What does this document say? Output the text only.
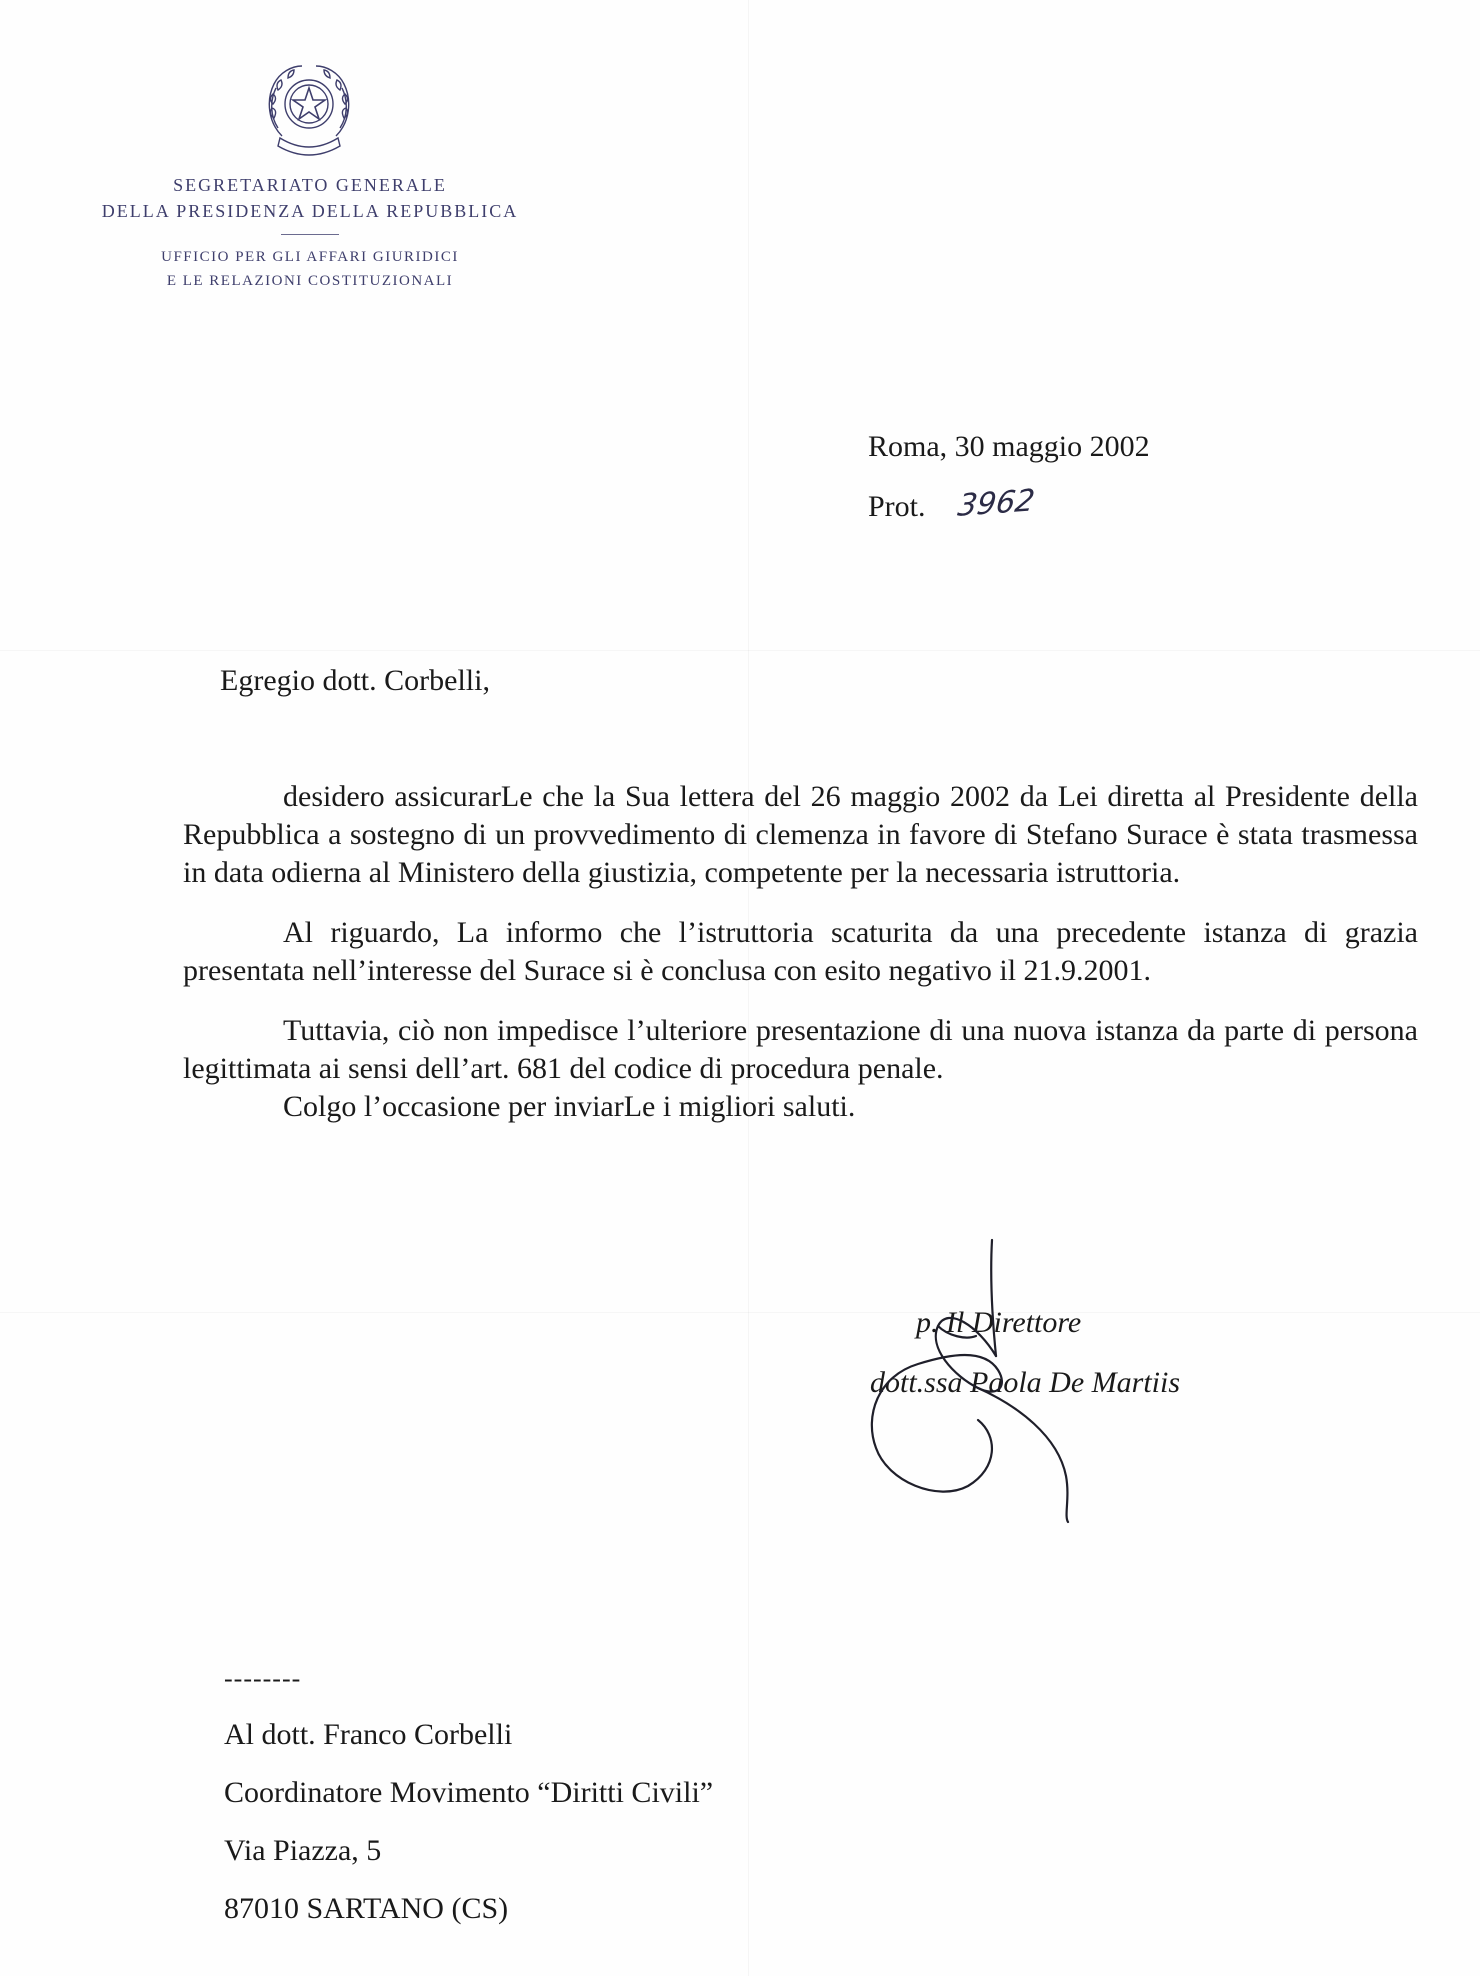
SEGRETARIATO GENERALE
DELLA PRESIDENZA DELLA REPUBBLICA
UFFICIO PER GLI AFFARI GIURIDICI
E LE RELAZIONI COSTITUZIONALI
Roma, 30 maggio 2002
Prot. 3962
Egregio dott. Corbelli,

desidero assicurarLe che la Sua lettera del 26 maggio 2002 da Lei diretta al Presidente della Repubblica a sostegno di un provvedimento di clemenza in favore di Stefano Surace è stata trasmessa in data odierna al Ministero della giustizia, competente per la necessaria istruttoria.

Al riguardo, La informo che l’istruttoria scaturita da una precedente istanza di grazia presentata nell’interesse del Surace si è conclusa con esito negativo il 21.9.2001.

Tuttavia, ciò non impedisce l’ulteriore presentazione di una nuova istanza da parte di persona legittimata ai sensi dell’art. 681 del codice di procedura penale.

Colgo l’occasione per inviarLe i migliori saluti.

p. Il Direttore
dott.ssa Paola De Martiis
--------
Al dott. Franco Corbelli
Coordinatore Movimento “Diritti Civili”
Via Piazza, 5
87010 SARTANO (CS)
